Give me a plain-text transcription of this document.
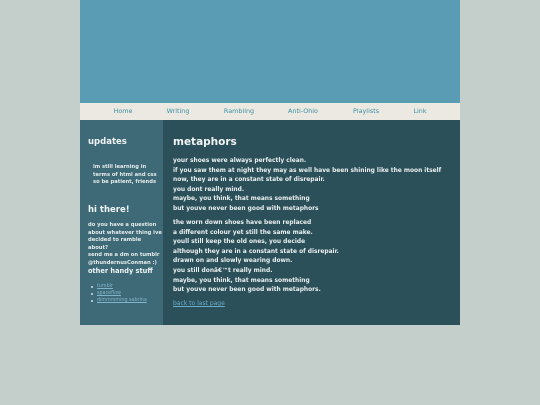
Home	Writing	Rambling	Anti-Ohio	Playlists	Link
updates
im still learning in
terms of html and css
so be patient, friends
hi there!
do you have a question
about whatever thing ive
decided to ramble about?
send me a dm on tumblr
@thundernusConman :)
other handy stuff
tumblr
spaceflow
dimmmming sabrina
metaphors
your shoes were always perfectly clean.
if you saw them at night they may as well have been shining like the moon itself
now, they are in a constant state of disrepair.
you dont really mind.
maybe, you think, that means something
but youve never been good with metaphors
the worn down shoes have been replaced
a different colour yet still the same make.
youll still keep the old ones, you decide
although they are in a constant state of disrepair.
drawn on and slowly wearing down.
you still donâ€™t really mind.
maybe, you think, that means something
but youve never been good with metaphors.
back to last page
